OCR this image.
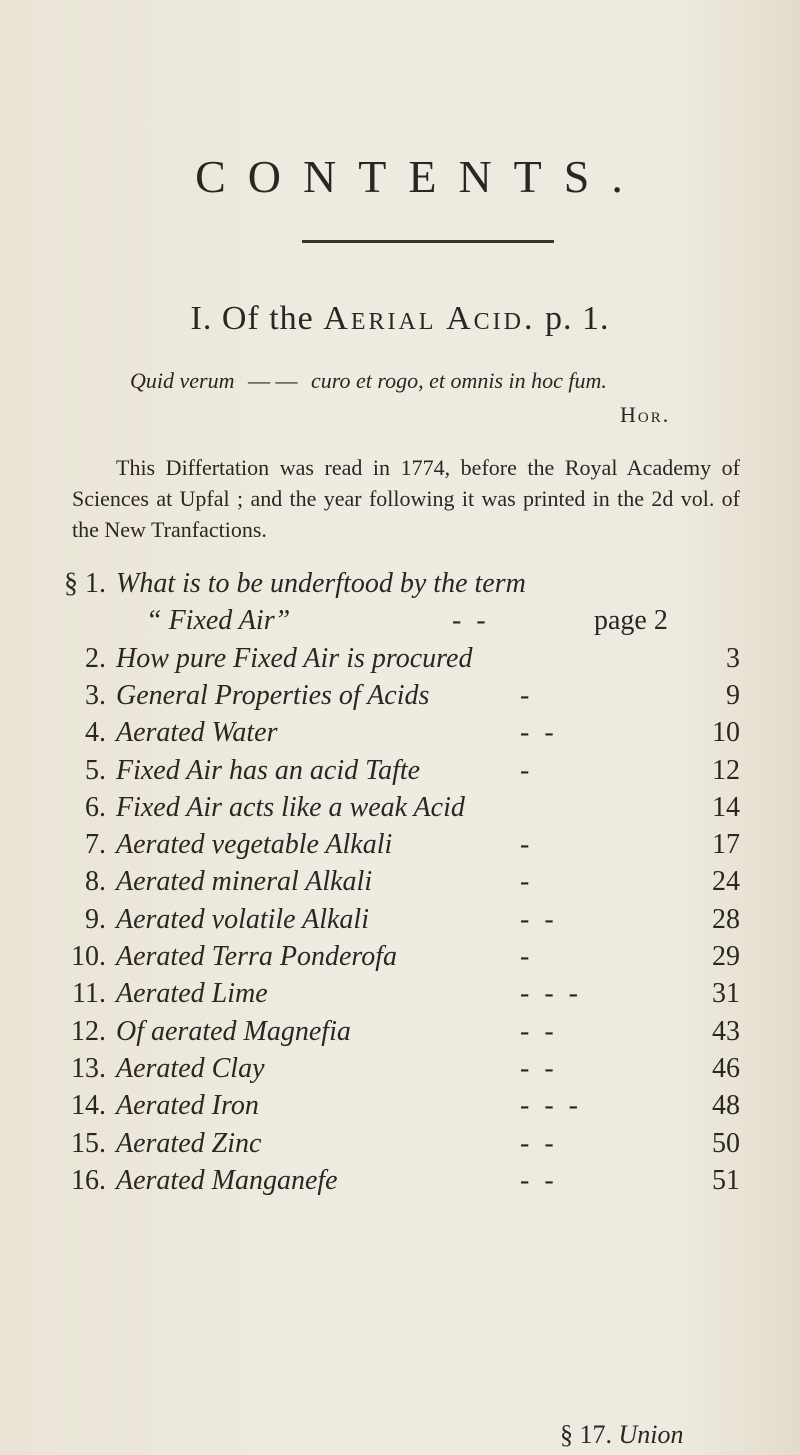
CONTENTS.
I. Of the Aerial Acid. p. 1.
Quid verum — — curo et rogo, et omnis in hoc fum.
Hor.
This Differtation was read in 1774, before the Royal Academy of Sciences at Upfal ; and the year following it was printed in the 2d vol. of the New Tranfactions.
§ 1. What is to be underftood by the term
“ Fixed Air”	- -	page 2
2. How pure Fixed Air is procured	3
3. General Properties of Acids	-	9
4. Aerated Water	- -	10
5. Fixed Air has an acid Tafte	-	12
6. Fixed Air acts like a weak Acid	14
7. Aerated vegetable Alkali	-	17
8. Aerated mineral Alkali	-	24
9. Aerated volatile Alkali	- -	28
10. Aerated Terra Ponderofa	-	29
11. Aerated Lime	- - -	31
12. Of aerated Magnefia	- -	43
13. Aerated Clay	- -	46
14. Aerated Iron	- - -	48
15. Aerated Zinc	- -	50
16. Aerated Manganefe	- -	51
§ 17. Union
